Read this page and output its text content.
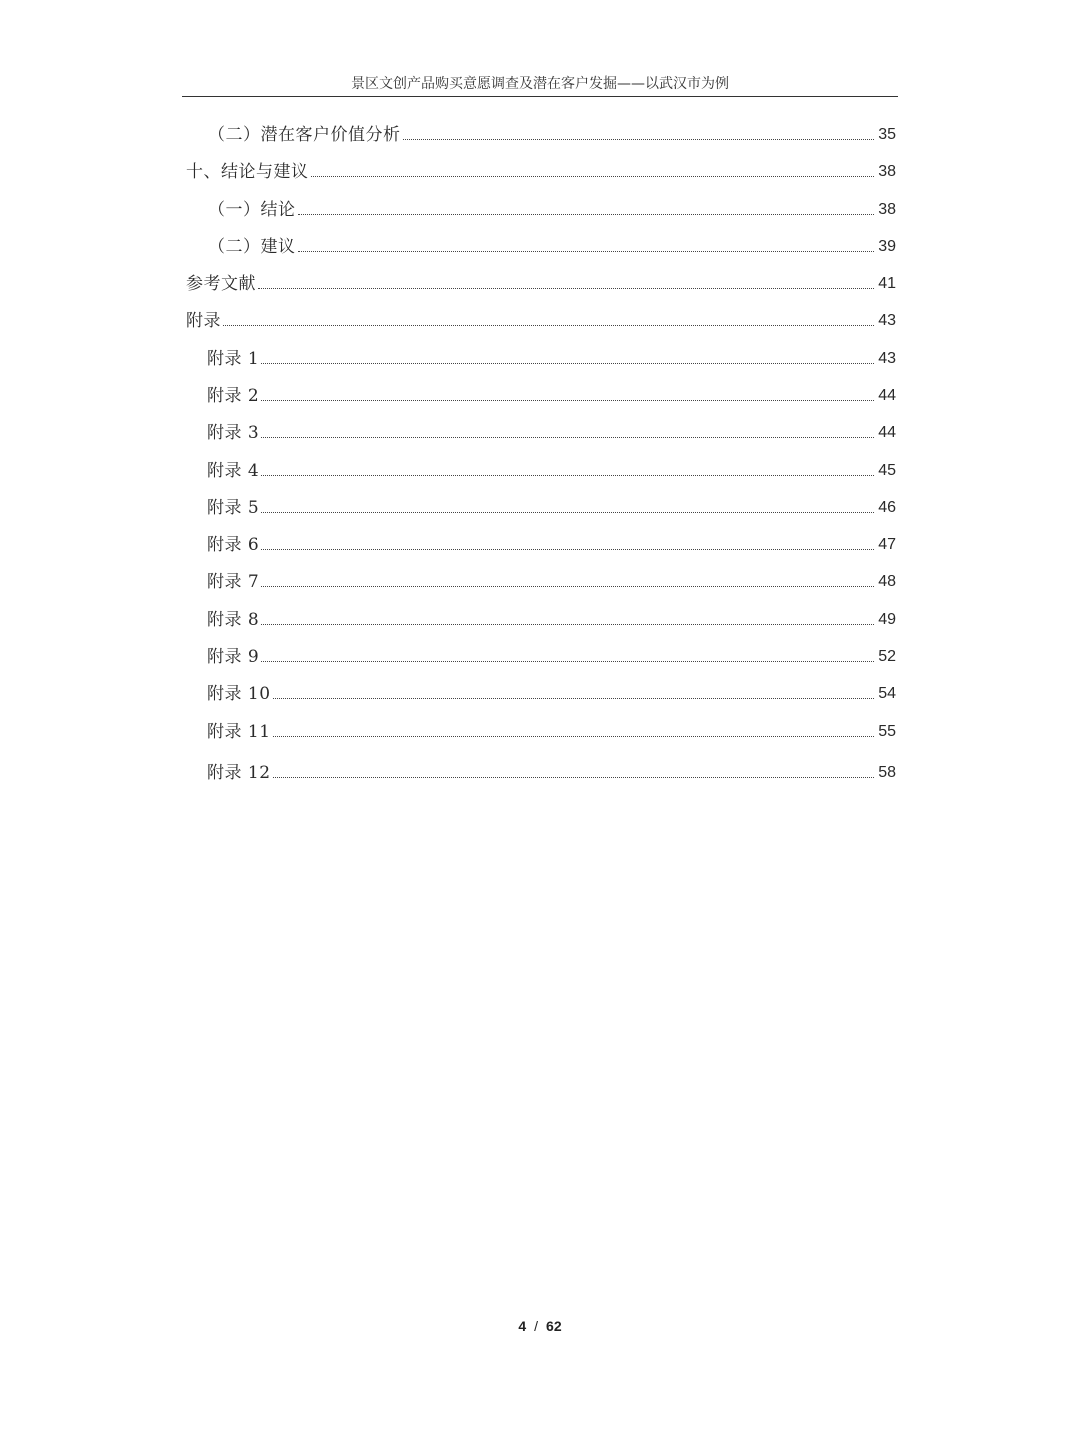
景区文创产品购买意愿调查及潜在客户发掘——以武汉市为例
（二）潜在客户价值分析	35
十、结论与建议	38
（一）结论	38
（二）建议	39
参考文献	41
附录	43
附录 1	43
附录 2	44
附录 3	44
附录 4	45
附录 5	46
附录 6	47
附录 7	48
附录 8	49
附录 9	52
附录 10	54
附录 11	55
附录 12	58
4 / 62
